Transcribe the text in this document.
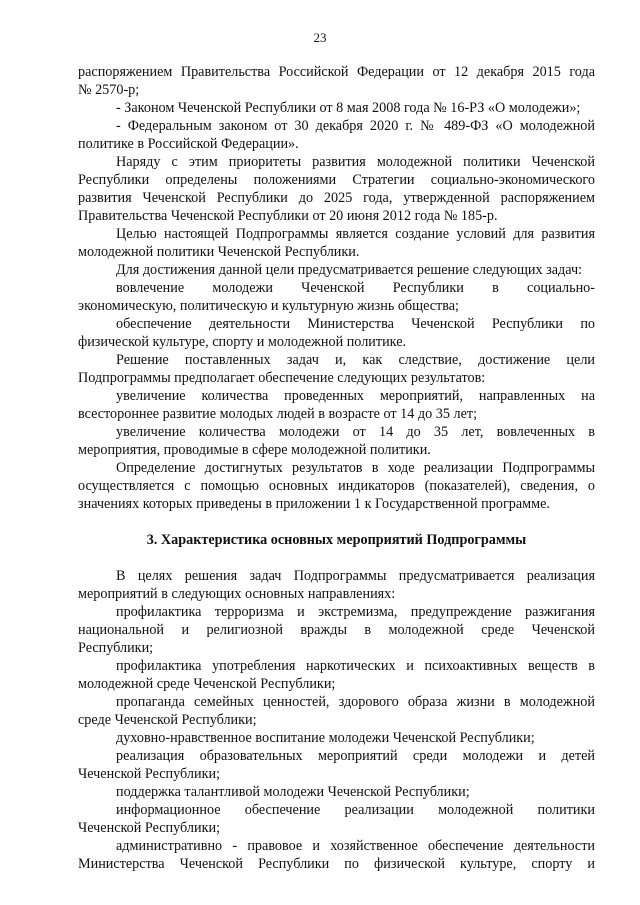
23
распоряжением Правительства Российской Федерации от 12 декабря 2015 года
№ 2570-р;
- Законом Чеченской Республики от 8 мая 2008 года № 16-РЗ «О молодежи»;
- Федеральным законом от 30 декабря 2020 г. № 489-ФЗ «О молодежной
политике в Российской Федерации».
Наряду с этим приоритеты развития молодежной политики Чеченской
Республики определены положениями Стратегии социально-экономического
развития Чеченской Республики до 2025 года, утвержденной распоряжением
Правительства Чеченской Республики от 20 июня 2012 года № 185-р.
Целью настоящей Подпрограммы является создание условий для развития
молодежной политики Чеченской Республики.
Для достижения данной цели предусматривается решение следующих задач:
вовлечение молодежи Чеченской Республики в социально-
экономическую, политическую и культурную жизнь общества;
обеспечение деятельности Министерства Чеченской Республики по
физической культуре, спорту и молодежной политике.
Решение поставленных задач и, как следствие, достижение цели
Подпрограммы предполагает обеспечение следующих результатов:
увеличение количества проведенных мероприятий, направленных на
всестороннее развитие молодых людей в возрасте от 14 до 35 лет;
увеличение количества молодежи от 14 до 35 лет, вовлеченных в
мероприятия, проводимые в сфере молодежной политики.
Определение достигнутых результатов в ходе реализации Подпрограммы
осуществляется с помощью основных индикаторов (показателей), сведения, о
значениях которых приведены в приложении 1 к Государственной программе.
3. Характеристика основных мероприятий Подпрограммы
В целях решения задач Подпрограммы предусматривается реализация
мероприятий в следующих основных направлениях:
профилактика терроризма и экстремизма, предупреждение разжигания
национальной и религиозной вражды в молодежной среде Чеченской
Республики;
профилактика употребления наркотических и психоактивных веществ в
молодежной среде Чеченской Республики;
пропаганда семейных ценностей, здорового образа жизни в молодежной
среде Чеченской Республики;
духовно-нравственное воспитание молодежи Чеченской Республики;
реализация образовательных мероприятий среди молодежи и детей
Чеченской Республики;
поддержка талантливой молодежи Чеченской Республики;
информационное обеспечение реализации молодежной политики
Чеченской Республики;
административно - правовое и хозяйственное обеспечение деятельности
Министерства Чеченской Республики по физической культуре, спорту и
